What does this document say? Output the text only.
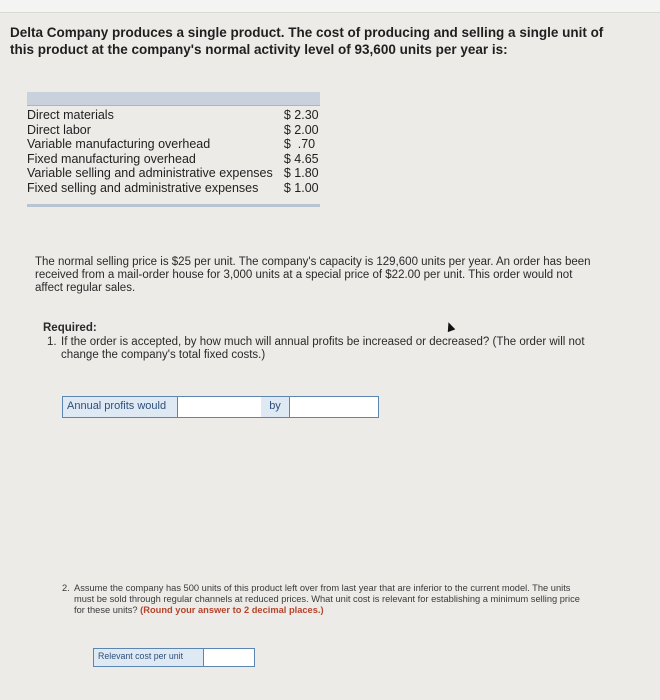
Delta Company produces a single product. The cost of producing and selling a single unit of this product at the company's normal activity level of 93,600 units per year is:
Direct materials	$ 2.30
Direct labor	$ 2.00
Variable manufacturing overhead	$  .70
Fixed manufacturing overhead	$ 4.65
Variable selling and administrative expenses	$ 1.80
Fixed selling and administrative expenses	$ 1.00
The normal selling price is $25 per unit. The company's capacity is 129,600 units per year. An order has been received from a mail-order house for 3,000 units at a special price of $22.00 per unit. This order would not affect regular sales.
Required:
1. If the order is accepted, by how much will annual profits be increased or decreased? (The order will not change the company's total fixed costs.)
Annual profits would	by
2. Assume the company has 500 units of this product left over from last year that are inferior to the current model. The units must be sold through regular channels at reduced prices. What unit cost is relevant for establishing a minimum selling price for these units? (Round your answer to 2 decimal places.)
Relevant cost per unit
